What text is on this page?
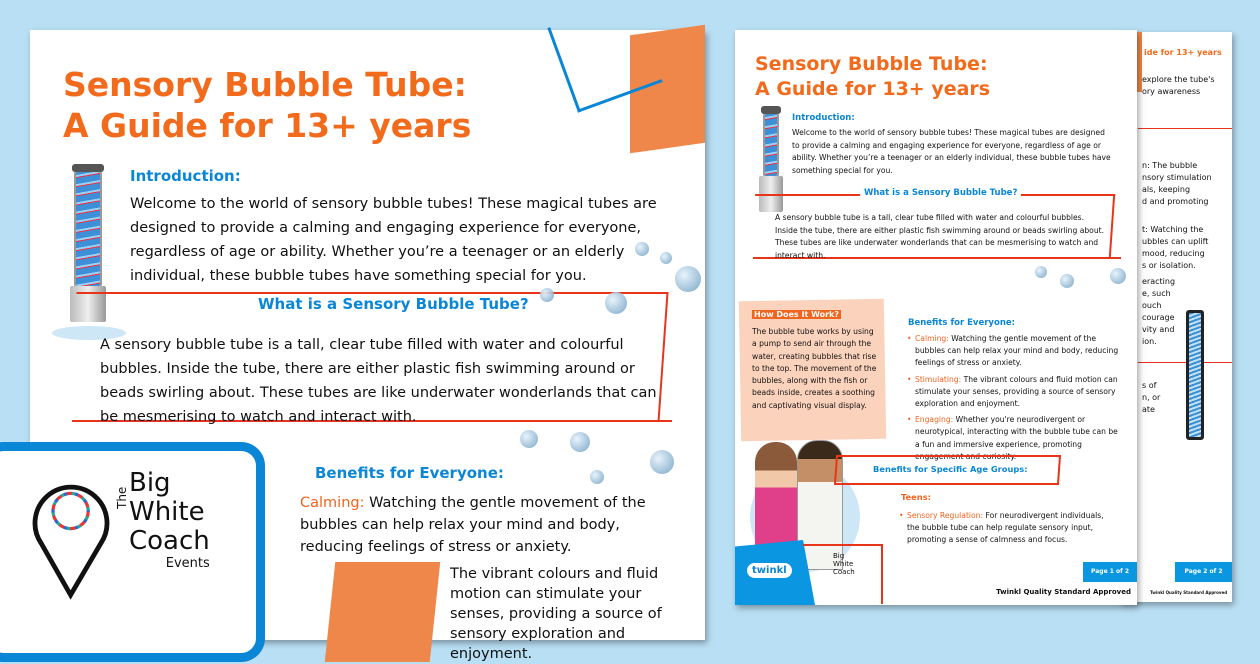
Sensory Bubble Tube:
A Guide for 13+ years
Introduction:
Welcome to the world of sensory bubble tubes! These magical tubes are designed to provide a calming and engaging experience for everyone, regardless of age or ability. Whether you’re a teenager or an elderly individual, these bubble tubes have something special for you.
What is a Sensory Bubble Tube?
A sensory bubble tube is a tall, clear tube filled with water and colourful bubbles. Inside the tube, there are either plastic fish swimming around or beads swirling about. These tubes are like underwater wonderlands that can be mesmerising to watch and interact with.
Benefits for Everyone:
Calming: Watching the gentle movement of the bubbles can help relax your mind and body, reducing feelings of stress or anxiety.
The vibrant colours and fluid motion can stimulate your senses, providing a source of sensory exploration and enjoyment.
The Big
White
Coach
Events
ide for 13+ years
explore the tube's
ory awareness
n: The bubble
nsory stimulation
als, keeping
d and promoting
t: Watching the
ubbles can uplift
mood, reducing
s or isolation.
eracting
e, such
ouch
courage
vity and
ion.
s of
n, or
ate
Page 2 of 2
Twinkl Quality Standard Approved
Sensory Bubble Tube:
A Guide for 13+ years
Introduction:
Welcome to the world of sensory bubble tubes! These magical tubes are designed to provide a calming and engaging experience for everyone, regardless of age or ability. Whether you’re a teenager or an elderly individual, these bubble tubes have something special for you.
What is a Sensory Bubble Tube?
A sensory bubble tube is a tall, clear tube filled with water and colourful bubbles. Inside the tube, there are either plastic fish swimming around or beads swirling about. These tubes are like underwater wonderlands that can be mesmerising to watch and interact with.
How Does It Work?
The bubble tube works by using a pump to send air through the water, creating bubbles that rise to the top. The movement of the bubbles, along with the fish or beads inside, creates a soothing and captivating visual display.
Benefits for Everyone:
• Calming: Watching the gentle movement of the bubbles can help relax your mind and body, reducing feelings of stress or anxiety.
• Stimulating: The vibrant colours and fluid motion can stimulate your senses, providing a source of sensory exploration and enjoyment.
• Engaging: Whether you're neurodivergent or neurotypical, interacting with the bubble tube can be a fun and immersive experience, promoting engagement and curiosity.
Benefits for Specific Age Groups:
Teens:
• Sensory Regulation: For neurodivergent individuals, the bubble tube can help regulate sensory input, promoting a sense of calmness and focus.
twinkl
Big
White
Coach	Page 1 of 2
Twinkl Quality Standard Approved
